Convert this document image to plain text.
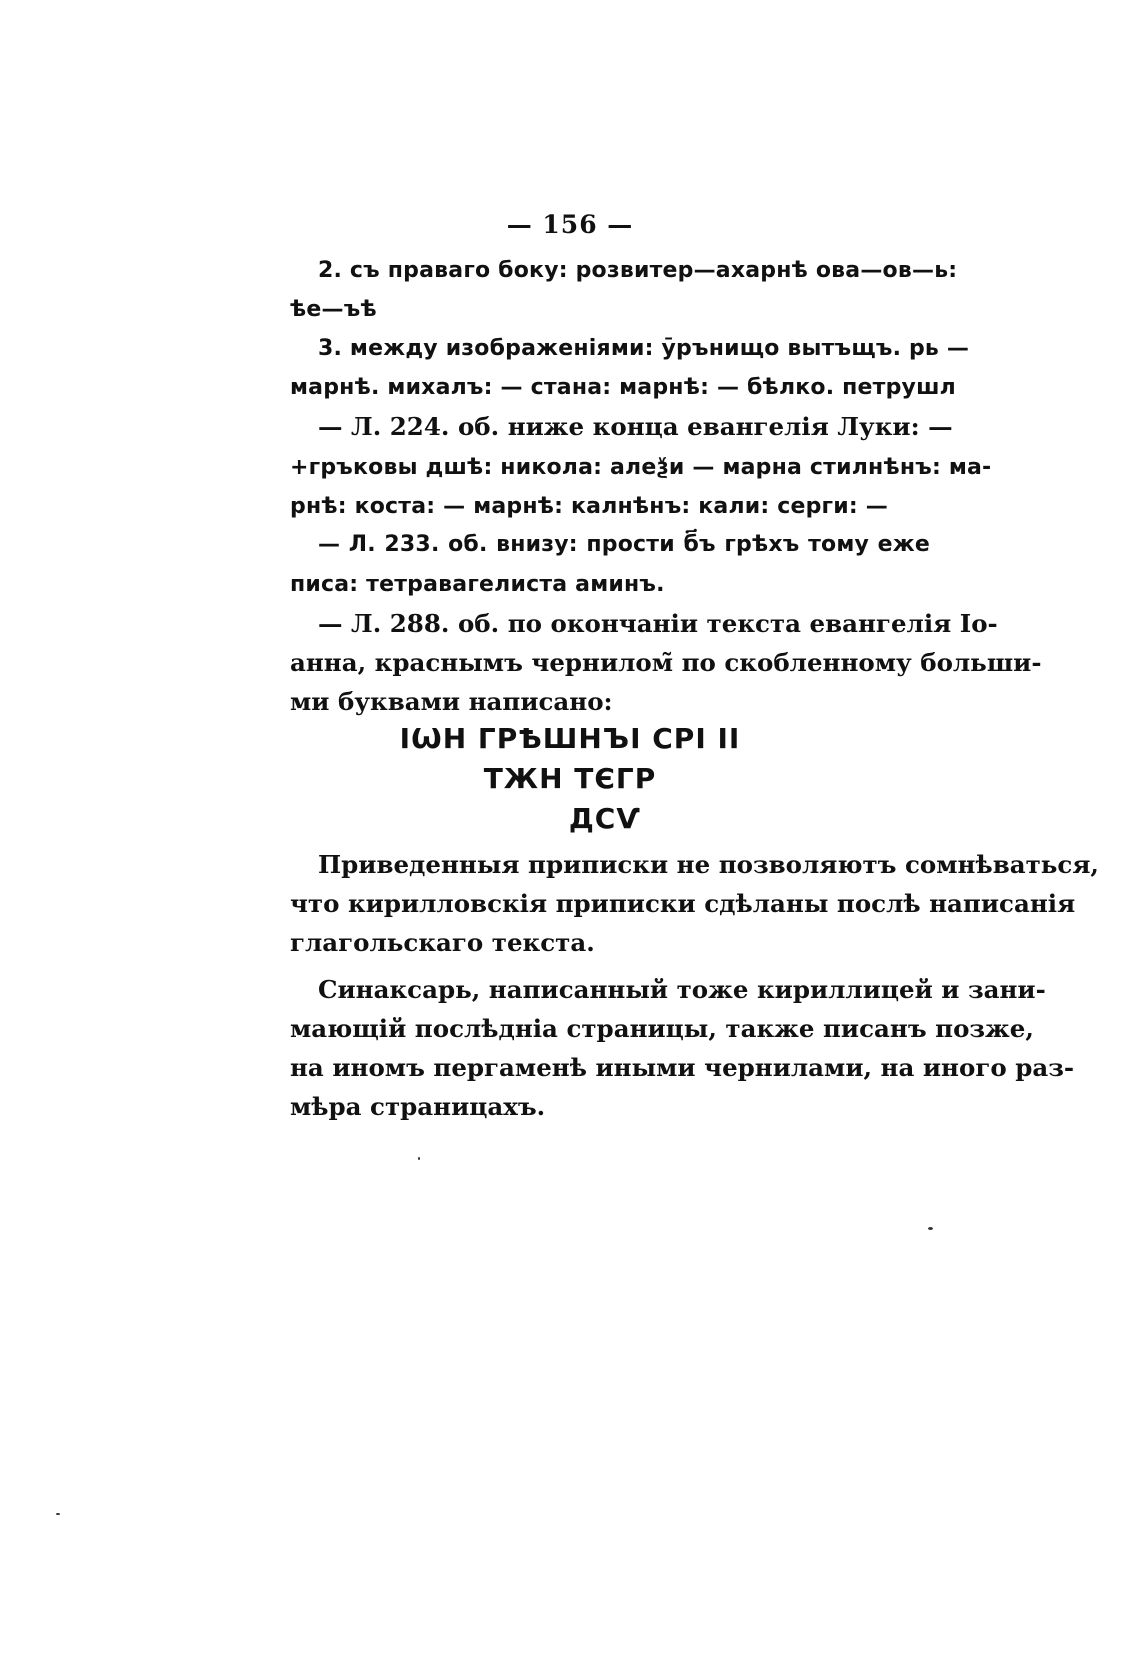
— 156 —
2. съ праваго боку: розвитер—ахарнѣ ова—ов—ь:
ѣе—ъѣ
3. между изображеніями: ӯрънищо вытъщъ. рь —
марнѣ. михалъ: — стана: марнѣ: — бѣлко. петрушл
— Л. 224. об. ниже конца евангелія Луки: —
+гръковы дшѣ: никола: алеѯи — марна стилнѣнъ: ма-
рнѣ: коста: — марнѣ: калнѣнъ: кали: серги: —
— Л. 233. об. внизу: прости б҃ъ грѣхъ тому еже
писа: тетравагелиста аминъ.
— Л. 288. об. по окончаніи текста евангелія Іо-
анна, краснымъ чернилом̃ по скобленному больши-
ми буквами написано:
ІѠН ГРѢШНЪІ СРІ II
ТЖН ТЄГР
ДСѴ
Приведенныя приписки не позволяютъ сомнѣваться,
что кирилловскія приписки сдѣланы послѣ написанія
глагольскаго текста.
Синаксарь, написанный тоже кириллицей и зани-
мающій послѣдніа страницы, также писанъ позже,
на иномъ пергаменѣ иными чернилами, на иного раз-
мѣра страницахъ.
